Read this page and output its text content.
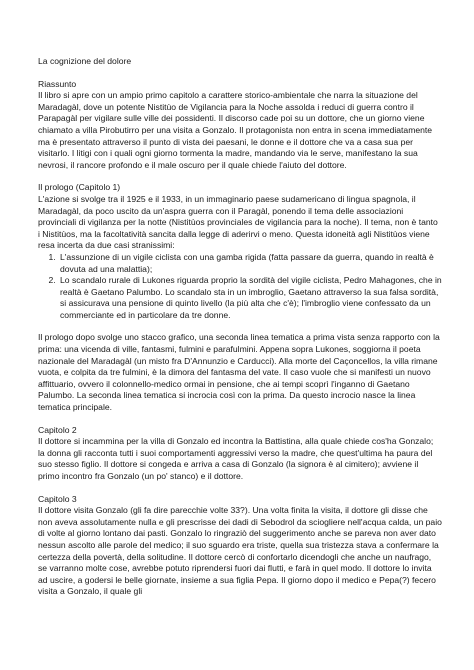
La cognizione del dolore
Riassunto

Il libro si apre con un ampio primo capitolo a carattere storico-ambientale che narra la situazione del Maradagàl, dove un potente Nistitùo de Vigilancia para la Noche assolda i reduci di guerra contro il Parapagàl per vigilare sulle ville dei possidenti. Il discorso cade poi su un dottore, che un giorno viene chiamato a villa Pirobutirro per una visita a Gonzalo. Il protagonista non entra in scena immediatamente ma è presentato attraverso il punto di vista dei paesani, le donne e il dottore che va a casa sua per visitarlo. I litigi con i quali ogni giorno tormenta la madre, mandando via le serve, manifestano la sua nevrosi, il rancore profondo e il male oscuro per il quale chiede l'aiuto del dottore.

Il prologo (Capitolo 1)

L'azione si svolge tra il 1925 e il 1933, in un immaginario paese sudamericano di lingua spagnola, il Maradagàl, da poco uscito da un'aspra guerra con il Paragàl, ponendo il tema delle associazioni provinciali di vigilanza per la notte (Nistitùos provinciales de vigilancia para la noche). Il tema, non è tanto i Nistitùos, ma la facoltatività sancita dalla legge di aderirvi o meno. Questa idoneità agli Nistitùos viene resa incerta da due casi stranissimi:

1. L'assunzione di un vigile ciclista con una gamba rigida (fatta passare da guerra, quando in realtà è dovuta ad una malattia);
2. Lo scandalo rurale di Lukones riguarda proprio la sordità del vigile ciclista, Pedro Mahagones, che in realtà è Gaetano Palumbo. Lo scandalo sta in un imbroglio, Gaetano attraverso la sua falsa sordità, si assicurava una pensione di quinto livello (la più alta che c'è); l'imbroglio viene confessato da un commerciante ed in particolare da tre donne.

Il prologo dopo svolge uno stacco grafico, una seconda linea tematica a prima vista senza rapporto con la prima: una vicenda di ville, fantasmi, fulmini e parafulmini. Appena sopra Lukones, soggiorna il poeta nazionale del Maradagàl (un misto fra D'Annunzio e Carducci). Alla morte del Caçoncellos, la villa rimane vuota, e colpita da tre fulmini, è la dimora del fantasma del vate. Il caso vuole che si manifesti un nuovo affittuario, ovvero il colonnello-medico ormai in pensione, che ai tempi scoprì l'inganno di Gaetano Palumbo. La seconda linea tematica si incrocia così con la prima. Da questo incrocio nasce la linea tematica principale.

Capitolo 2

Il dottore si incammina per la villa di Gonzalo ed incontra la Battistina, alla quale chiede cos'ha Gonzalo; la donna gli racconta tutti i suoi comportamenti aggressivi verso la madre, che quest'ultima ha paura del suo stesso figlio. Il dottore si congeda e arriva a casa di Gonzalo (la signora è al cimitero); avviene il primo incontro fra Gonzalo (un po' stanco) e il dottore.

Capitolo 3

Il dottore visita Gonzalo (gli fa dire parecchie volte 33?). Una volta finita la visita, il dottore gli disse che non aveva assolutamente nulla e gli prescrisse dei dadi di Sebodrol da sciogliere nell'acqua calda, un paio di volte al giorno lontano dai pasti. Gonzalo lo ringraziò del suggerimento anche se pareva non aver dato nessun ascolto alle parole del medico; il suo sguardo era triste, quella sua tristezza stava a confermare la certezza della povertà, della solitudine. Il dottore cercò di confortarlo dicendogli che anche un naufrago, se varranno molte cose, avrebbe potuto riprendersi fuori dai flutti, e farà in quel modo. Il dottore lo invita ad uscire, a godersi le belle giornate, insieme a sua figlia Pepa. Il giorno dopo il medico e Pepa(?) fecero visita a Gonzalo, il quale gli
